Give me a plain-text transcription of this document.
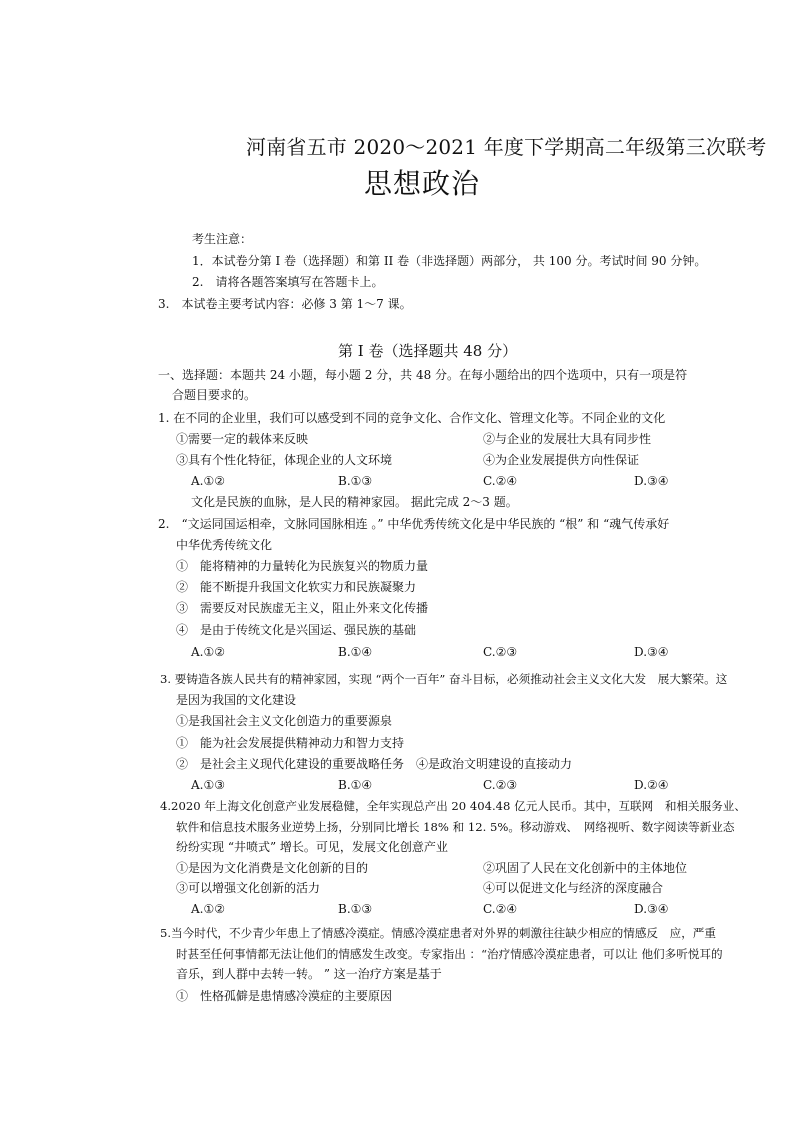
河南省五市 2020～2021 年度下学期高二年级第三次联考
思想政治
考生注意：
1．本试卷分第 I 卷（选择题）和第 II 卷（非选择题）两部分， 共 100 分。考试时间 90 分钟。
2.　请将各题答案填写在答题卡上。
3.　本试卷主要考试内容：必修 3 第 1～7 课。
第 I 卷（选择题共 48 分）
一、选择题：本题共 24 小题，每小题 2 分，共 48 分。在每小题给出的四个选项中，只有一项是符
合题目要求的。
1. 在不同的企业里，我们可以感受到不同的竞争文化、合作文化、管理文化等。不同企业的文化
①需要一定的载体来反映	②与企业的发展壮大具有同步性
③具有个性化特征，体现企业的人文环境	④为企业发展提供方向性保证
A.①②	B.①③	C.②④	D.③④
文化是民族的血脉，是人民的精神家园。 据此完成 2～3 题。
2.　“文运同国运相牵，文脉同国脉相连 。” 中华优秀传统文化是中华民族的 “根” 和 “魂气传承好
中华优秀传统文化
①　能将精神的力量转化为民族复兴的物质力量
②　能不断提升我国文化软实力和民族凝聚力
③　需要反对民族虚无主义，阻止外来文化传播
④　是由于传统文化是兴国运、强民族的基础
A.①②	B.①④	C.②③	D.③④
3. 要铸造各族人民共有的精神家园，实现 “两个一百年” 奋斗目标，必须推动社会主义文化大发　展大繁荣。这
是因为我国的文化建设
①是我国社会主义文化创造力的重要源泉
①　能为社会发展提供精神动力和智力支持
②　是社会主义现代化建设的重要战略任务　④是政治文明建设的直接动力
A.①③	B.①④	C.②③	D.②④
4.2020 年上海文化创意产业发展稳健，全年实现总产出 20 404.48 亿元人民币。其中，互联网　和相关服务业、
软件和信息技术服务业逆势上扬，分别同比增长 18% 和 12. 5%。移动游戏、　网络视听、数字阅读等新业态
纷纷实现 “井喷式” 增长。可见，发展文化创意产业
①是因为文化消费是文化创新的目的	②巩固了人民在文化创新中的主体地位
③可以增强文化创新的活力	④可以促进文化与经济的深度融合
A.①②	B.①③	C.②④	D.③④
5.当今时代，不少青少年患上了情感冷漠症。情感冷漠症患者对外界的刺激往往缺少相应的情感反　应，严重
时甚至任何事情都无法让他们的情感发生改变。专家指出 ：“治疗情感冷漠症患者，可以让 他们多听悦耳的
音乐，到人群中去转一转。 ” 这一治疗方案是基于
①　性格孤僻是患情感冷漠症的主要原因
